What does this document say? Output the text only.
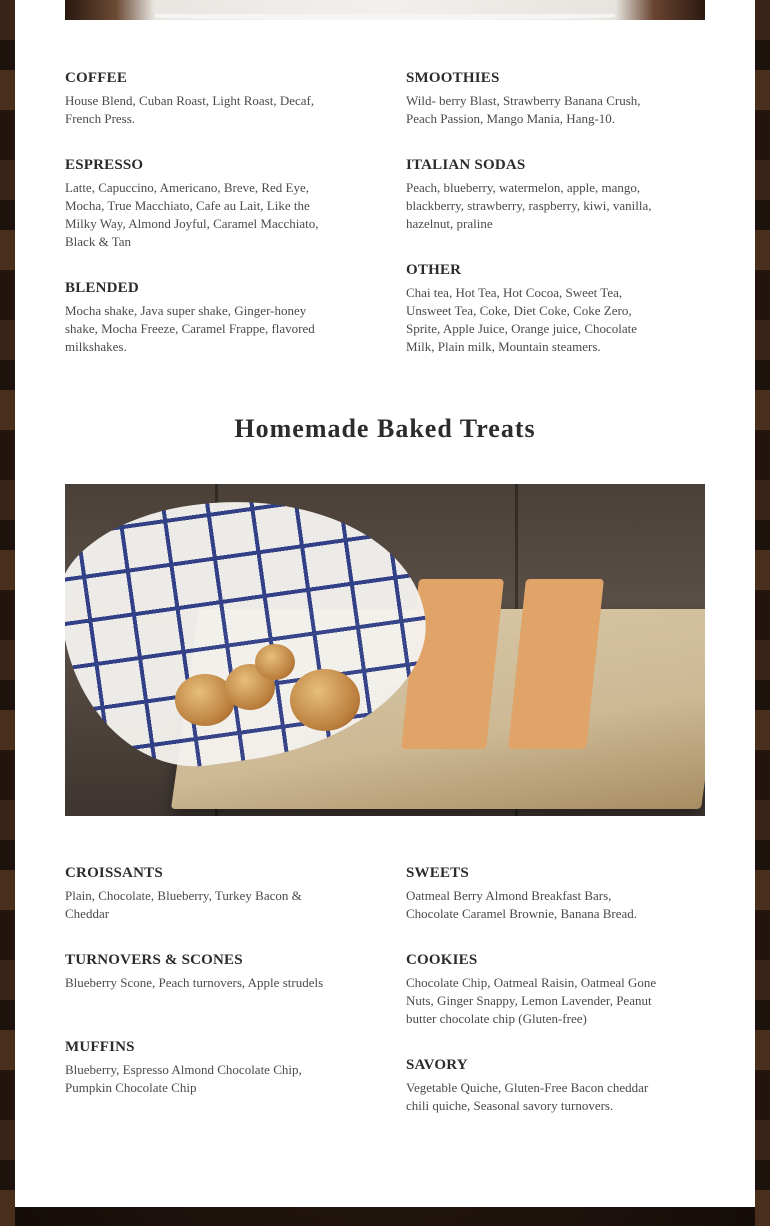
COFFEE

House Blend, Cuban Roast, Light Roast, Decaf, French Press.

ESPRESSO

Latte, Capuccino, Americano, Breve, Red Eye, Mocha, True Macchiato, Cafe au Lait, Like the Milky Way, Almond Joyful, Caramel Macchiato, Black & Tan

BLENDED

Mocha shake, Java super shake, Ginger-honey shake, Mocha Freeze, Caramel Frappe, flavored milkshakes.

SMOOTHIES

Wild- berry Blast, Strawberry Banana Crush, Peach Passion, Mango Mania, Hang-10.

ITALIAN SODAS

Peach, blueberry, watermelon, apple, mango, blackberry, strawberry, raspberry, kiwi, vanilla, hazelnut, praline

OTHER

Chai tea, Hot Tea, Hot Cocoa, Sweet Tea, Unsweet Tea, Coke, Diet Coke, Coke Zero, Sprite, Apple Juice, Orange juice, Chocolate Milk, Plain milk, Mountain steamers.

Homemade Baked Treats
CROISSANTS

Plain, Chocolate, Blueberry, Turkey Bacon & Cheddar

TURNOVERS & SCONES

Blueberry Scone, Peach turnovers, Apple strudels

MUFFINS

Blueberry, Espresso Almond Chocolate Chip, Pumpkin Chocolate Chip

SWEETS

Oatmeal Berry Almond Breakfast Bars, Chocolate Caramel Brownie, Banana Bread.

COOKIES

Chocolate Chip, Oatmeal Raisin, Oatmeal Gone Nuts, Ginger Snappy, Lemon Lavender, Peanut butter chocolate chip (Gluten-free)

SAVORY

Vegetable Quiche, Gluten-Free Bacon cheddar chili quiche, Seasonal savory turnovers.
